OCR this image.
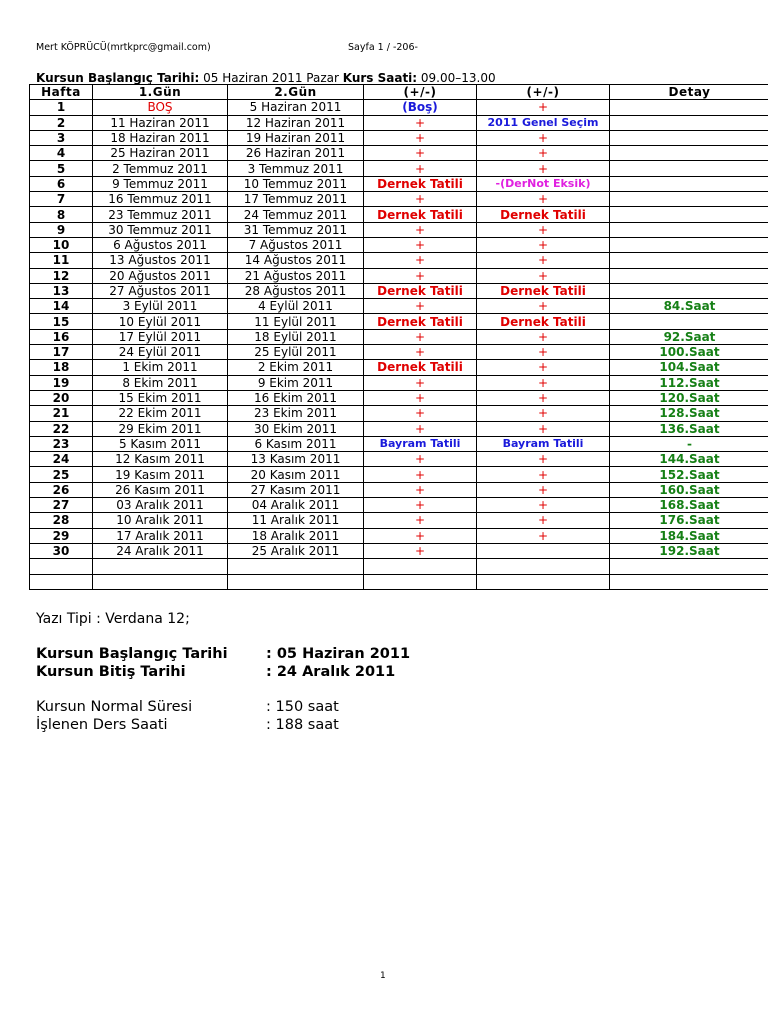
Mert KÖPRÜCÜ(mrtkprc@gmail.com)	Sayfa 1 / -206-
Kursun Başlangıç Tarihi: 05 Haziran 2011 Pazar Kurs Saati: 09.00–13.00
Hafta	1.Gün	2.Gün	(+/-)	(+/-)	Detay
1	BOŞ	5 Haziran 2011	(Boş)	+	
2	11 Haziran 2011	12 Haziran 2011	+	2011 Genel Seçim	
3	18 Haziran 2011	19 Haziran 2011	+	+	
4	25 Haziran 2011	26 Haziran 2011	+	+	
5	2 Temmuz 2011	3 Temmuz 2011	+	+	
6	9 Temmuz 2011	10 Temmuz 2011	Dernek Tatili	-(DerNot Eksik)	
7	16 Temmuz 2011	17 Temmuz 2011	+	+	
8	23 Temmuz 2011	24 Temmuz 2011	Dernek Tatili	Dernek Tatili	
9	30 Temmuz 2011	31 Temmuz 2011	+	+	
10	6 Ağustos 2011	7 Ağustos 2011	+	+	
11	13 Ağustos 2011	14 Ağustos 2011	+	+	
12	20 Ağustos 2011	21 Ağustos 2011	+	+	
13	27 Ağustos 2011	28 Ağustos 2011	Dernek Tatili	Dernek Tatili	
14	3 Eylül 2011	4 Eylül 2011	+	+	84.Saat
15	10 Eylül 2011	11 Eylül 2011	Dernek Tatili	Dernek Tatili	
16	17 Eylül 2011	18 Eylül 2011	+	+	92.Saat
17	24 Eylül 2011	25 Eylül 2011	+	+	100.Saat
18	1 Ekim 2011	2 Ekim 2011	Dernek Tatili	+	104.Saat
19	8 Ekim 2011	9 Ekim 2011	+	+	112.Saat
20	15 Ekim 2011	16 Ekim 2011	+	+	120.Saat
21	22 Ekim 2011	23 Ekim 2011	+	+	128.Saat
22	29 Ekim 2011	30 Ekim 2011	+	+	136.Saat
23	5 Kasım 2011	6 Kasım 2011	Bayram Tatili	Bayram Tatili	-
24	12 Kasım 2011	13 Kasım 2011	+	+	144.Saat
25	19 Kasım 2011	20 Kasım 2011	+	+	152.Saat
26	26 Kasım 2011	27 Kasım 2011	+	+	160.Saat
27	03 Aralık 2011	04 Aralık 2011	+	+	168.Saat
28	10 Aralık 2011	11 Aralık 2011	+	+	176.Saat
29	17 Aralık 2011	18 Aralık 2011	+	+	184.Saat
30	24 Aralık 2011	25 Aralık 2011	+		192.Saat

Yazı Tipi : Verdana 12;
Kursun Başlangıç Tarihi	: 05 Haziran 2011
Kursun Bitiş Tarihi	: 24 Aralık 2011
Kursun Normal Süresi	: 150 saat
İşlenen Ders Saati	: 188 saat
1
